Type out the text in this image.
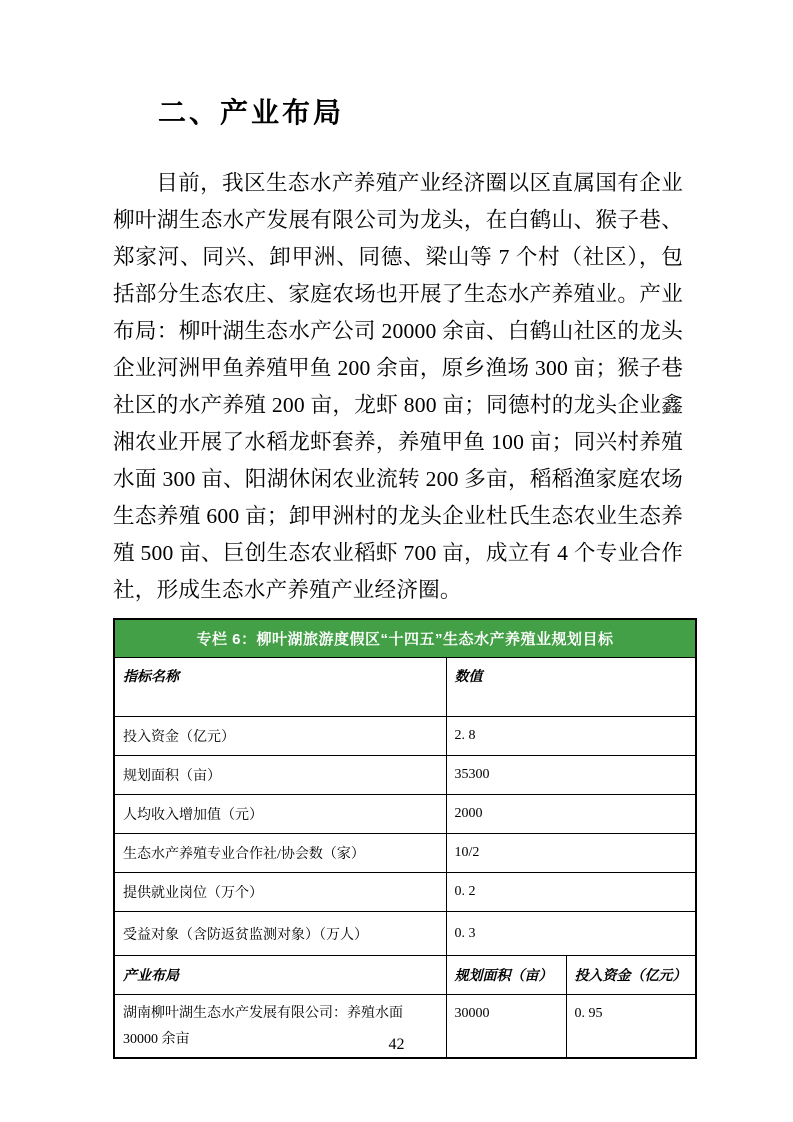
二、产业布局
目前，我区生态水产养殖产业经济圈以区直属国有企业柳叶湖生态水产发展有限公司为龙头，在白鹤山、猴子巷、郑家河、同兴、卸甲洲、同德、梁山等 7 个村（社区），包括部分生态农庄、家庭农场也开展了生态水产养殖业。产业布局：柳叶湖生态水产公司 20000 余亩、白鹤山社区的龙头企业河洲甲鱼养殖甲鱼 200 余亩，原乡渔场 300 亩；猴子巷社区的水产养殖 200 亩，龙虾 800 亩；同德村的龙头企业鑫湘农业开展了水稻龙虾套养，养殖甲鱼 100 亩；同兴村养殖水面 300 亩、阳湖休闲农业流转 200 多亩，稻稻渔家庭农场生态养殖 600 亩；卸甲洲村的龙头企业杜氏生态农业生态养殖 500 亩、巨创生态农业稻虾 700 亩，成立有 4 个专业合作社，形成生态水产养殖产业经济圈。
专栏 6：柳叶湖旅游度假区“十四五”生态水产养殖业规划目标		
指标名称	数值	
投入资金（亿元）	2. 8	
规划面积（亩）	35300	
人均收入增加值（元）	2000	
生态水产养殖专业合作社/协会数（家）	10/2	
提供就业岗位（万个）	0. 2	
受益对象（含防返贫监测对象）（万人）	0. 3	
产业布局	规划面积（亩）	投入资金（亿元）
湖南柳叶湖生态水产发展有限公司：养殖水面 30000 余亩	30000	0. 95
42
